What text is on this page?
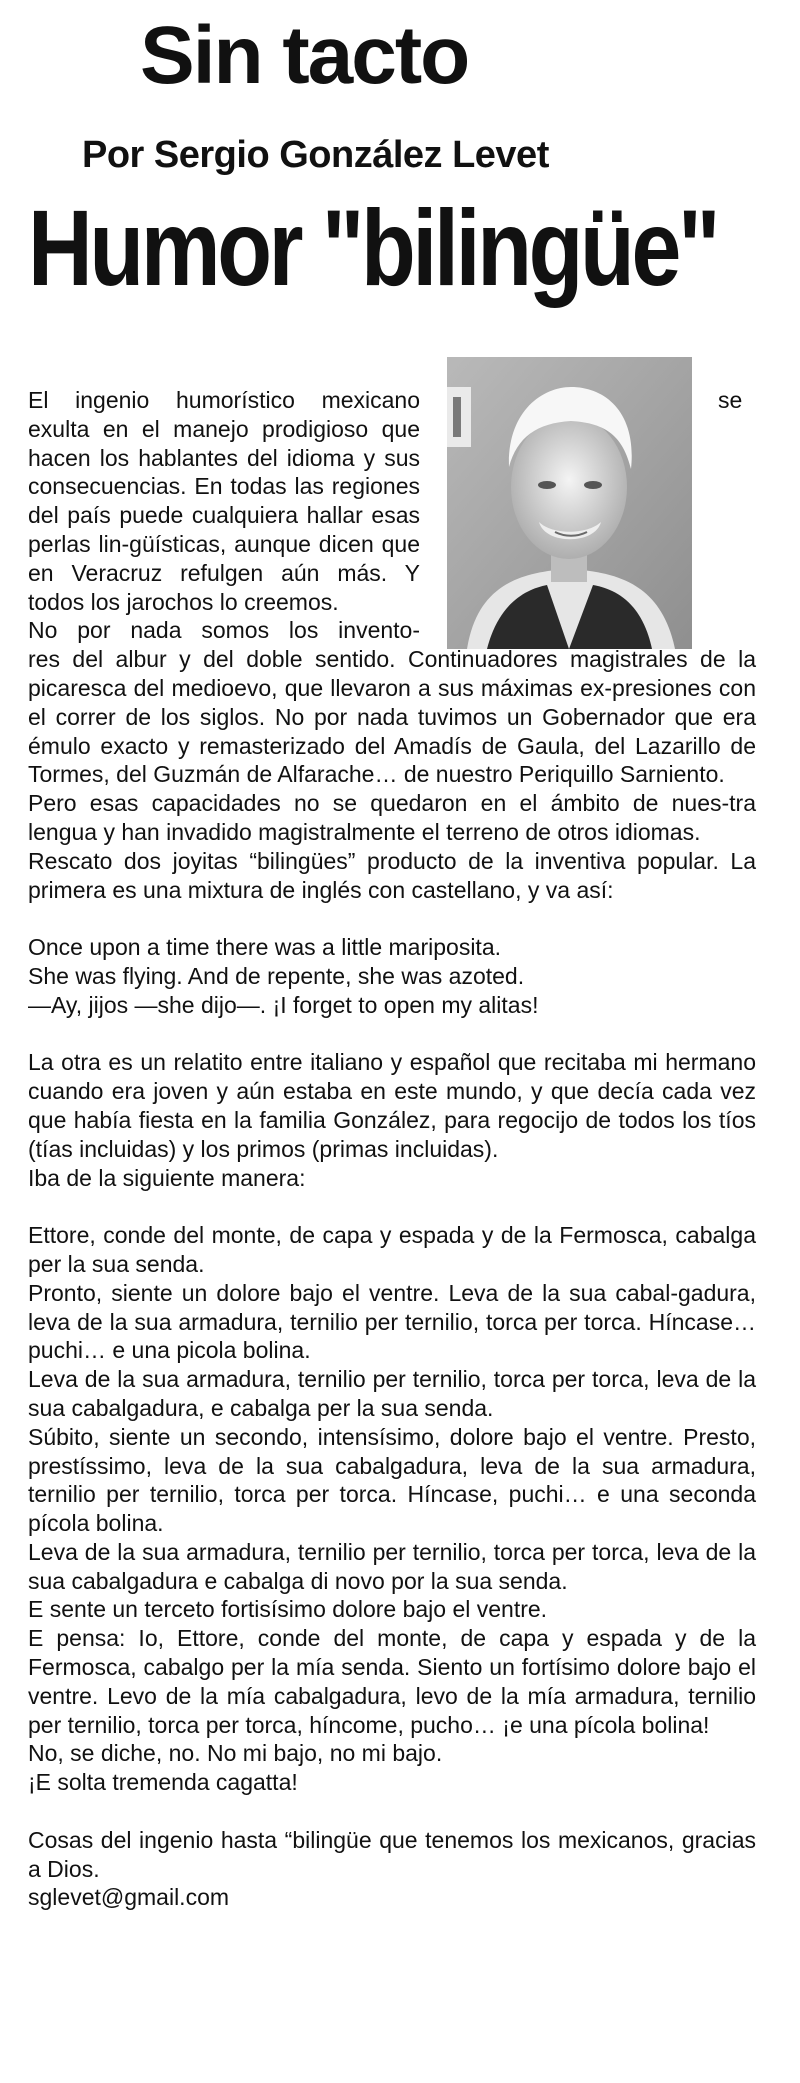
Sin tacto
Por Sergio González Levet
Humor "bilingüe"
El ingenio humorístico mexicano	se

exulta en el manejo prodigioso que hacen los hablantes del idioma y sus consecuencias. En todas las regiones del país puede cualquiera hallar esas perlas lin-güísticas, aunque dicen que en Veracruz refulgen aún más. Y todos los jarochos lo creemos.

No por nada somos los invento-

res del albur y del doble sentido. Continuadores magistrales de la picaresca del medioevo, que llevaron a sus máximas ex-presiones con el correr de los siglos. No por nada tuvimos un Gobernador que era émulo exacto y remasterizado del Amadís de Gaula, del Lazarillo de Tormes, del Guzmán de Alfarache… de nuestro Periquillo Sarniento.

Pero esas capacidades no se quedaron en el ámbito de nues-tra lengua y han invadido magistralmente el terreno de otros idiomas.

Rescato dos joyitas “bilingües” producto de la inventiva popular. La primera es una mixtura de inglés con castellano, y va así:

Once upon a time there was a little mariposita.

She was flying. And de repente, she was azoted.

—Ay, jijos —she dijo—. ¡I forget to open my alitas!

La otra es un relatito entre italiano y español que recitaba mi hermano cuando era joven y aún estaba en este mundo, y que decía cada vez que había fiesta en la familia González, para regocijo de todos los tíos (tías incluidas) y los primos (primas incluidas).

Iba de la siguiente manera:

Ettore, conde del monte, de capa y espada y de la Fermosca, cabalga per la sua senda.

Pronto, siente un dolore bajo el ventre. Leva de la sua cabal-gadura, leva de la sua armadura, ternilio per ternilio, torca per torca. Híncase… puchi… e una picola bolina.

Leva de la sua armadura, ternilio per ternilio, torca per torca, leva de la sua cabalgadura, e cabalga per la sua senda.

Súbito, siente un secondo, intensísimo, dolore bajo el ventre. Presto, prestíssimo, leva de la sua cabalgadura, leva de la sua armadura, ternilio per ternilio, torca per torca. Híncase, puchi… e una seconda pícola bolina.

Leva de la sua armadura, ternilio per ternilio, torca per torca, leva de la sua cabalgadura e cabalga di novo por la sua senda.

E sente un terceto fortisísimo dolore bajo el ventre.

E pensa: Io, Ettore, conde del monte, de capa y espada y de la Fermosca, cabalgo per la mía senda. Siento un fortísimo dolore bajo el ventre. Levo de la mía cabalgadura, levo de la mía armadura, ternilio per ternilio, torca per torca, híncome, pucho… ¡e una pícola bolina!

No, se diche, no. No mi bajo, no mi bajo.

¡E solta tremenda cagatta!

Cosas del ingenio hasta “bilingüe que tenemos los mexicanos, gracias a Dios.

sglevet@gmail.com
